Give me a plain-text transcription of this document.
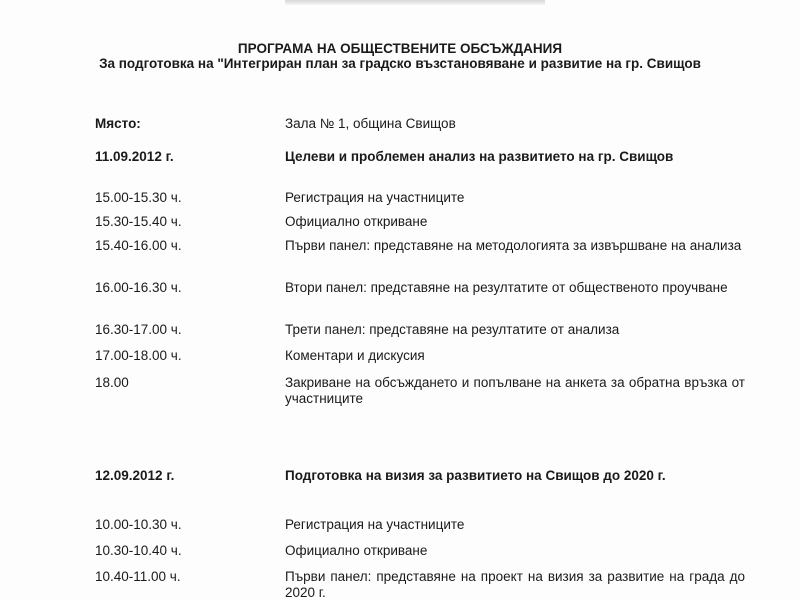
ПРОГРАМА НА ОБЩЕСТВЕНИТЕ ОБСЪЖДАНИЯ
За подготовка на "Интегриран план за градско възстановяване и развитие на гр. Свищов
Място:	Зала № 1, община Свищов
11.09.2012 г.	Целеви и проблемен анализ на развитието на гр. Свищов
15.00-15.30 ч.	Регистрация на участниците
15.30-15.40 ч.	Официално откриване
15.40-16.00 ч.	Първи панел: представяне на методологията за извършване на анализа
16.00-16.30 ч.	Втори панел: представяне на резултатите от общественото проучване
16.30-17.00 ч.	Трети панел: представяне на резултатите от анализа
17.00-18.00 ч.	Коментари и дискусия
18.00	Закриване на обсъждането и попълване на анкета за обратна връзка от участниците
12.09.2012 г.	Подготовка на визия за развитието на Свищов до 2020 г.
10.00-10.30 ч.	Регистрация на участниците
10.30-10.40 ч.	Официално откриване
10.40-11.00 ч.	Първи панел: представяне на проект на визия за развитие на града до 2020 г.
